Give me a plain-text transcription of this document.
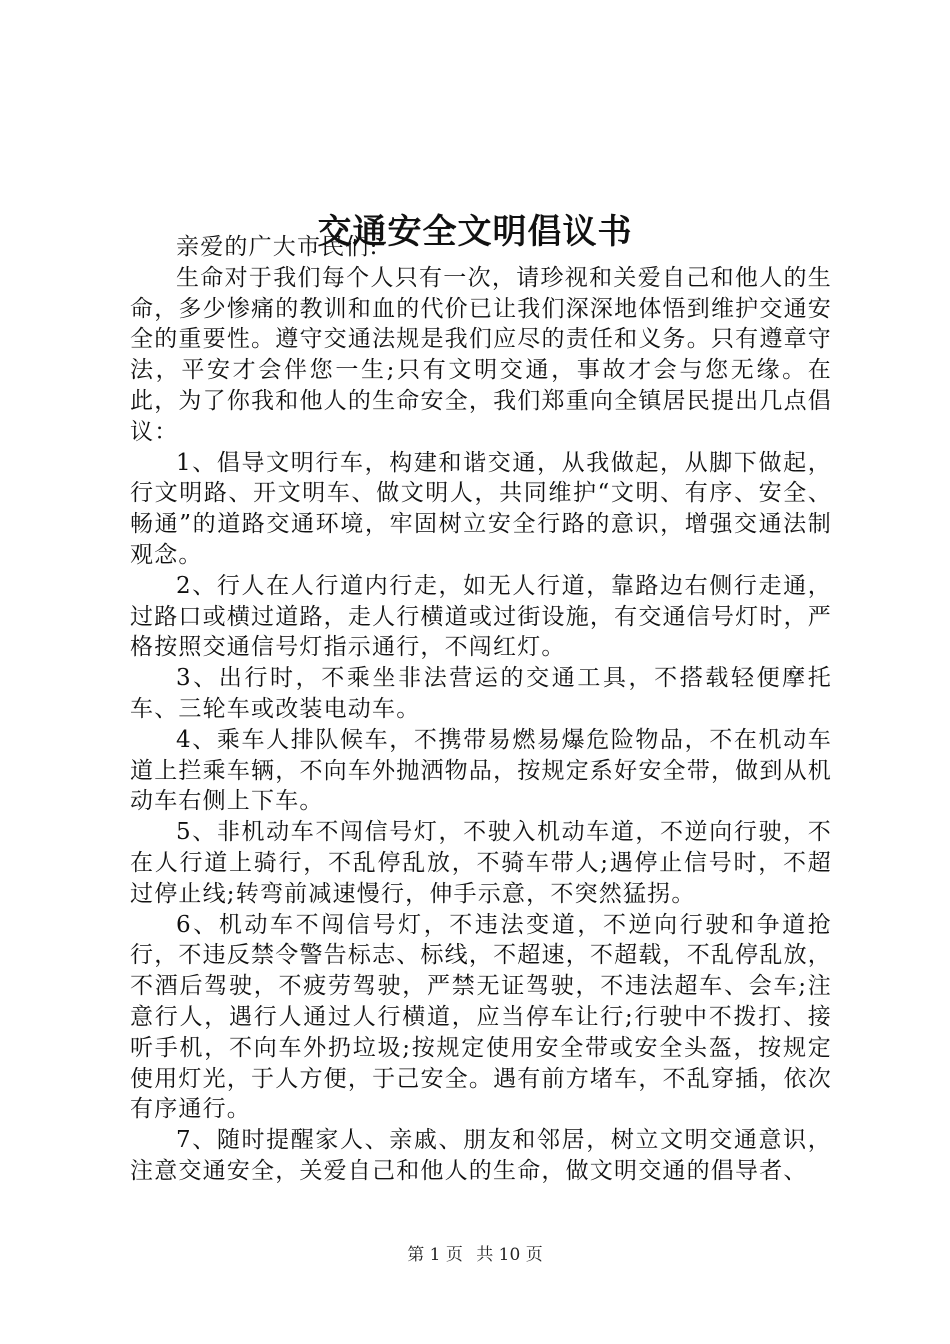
交通安全文明倡议书

亲爱的广大市民们:

生命对于我们每个人只有一次，请珍视和关爱自己和他人的生命，多少惨痛的教训和血的代价已让我们深深地体悟到维护交通安全的重要性。遵守交通法规是我们应尽的责任和义务。只有遵章守法，平安才会伴您一生;只有文明交通，事故才会与您无缘。在此，为了你我和他人的生命安全，我们郑重向全镇居民提出几点倡议：

1、倡导文明行车，构建和谐交通，从我做起，从脚下做起，行文明路、开文明车、做文明人，共同维护“文明、有序、安全、畅通”的道路交通环境，牢固树立安全行路的意识，增强交通法制观念。

2、行人在人行道内行走，如无人行道，靠路边右侧行走通，过路口或横过道路，走人行横道或过街设施，有交通信号灯时，严格按照交通信号灯指示通行，不闯红灯。

3、出行时，不乘坐非法营运的交通工具，不搭载轻便摩托车、三轮车或改装电动车。

4、乘车人排队候车，不携带易燃易爆危险物品，不在机动车道上拦乘车辆，不向车外抛洒物品，按规定系好安全带，做到从机动车右侧上下车。

5、非机动车不闯信号灯，不驶入机动车道，不逆向行驶，不在人行道上骑行，不乱停乱放，不骑车带人;遇停止信号时，不超过停止线;转弯前减速慢行，伸手示意，不突然猛拐。

6、机动车不闯信号灯，不违法变道，不逆向行驶和争道抢行，不违反禁令警告标志、标线，不超速，不超载，不乱停乱放，不酒后驾驶，不疲劳驾驶，严禁无证驾驶，不违法超车、会车;注意行人，遇行人通过人行横道，应当停车让行;行驶中不拨打、接听手机，不向车外扔垃圾;按规定使用安全带或安全头盔，按规定使用灯光，于人方便，于己安全。遇有前方堵车，不乱穿插，依次有序通行。

7、随时提醒家人、亲戚、朋友和邻居，树立文明交通意识，注意交通安全，关爱自己和他人的生命，做文明交通的倡导者、

第 1 页 共 10 页
